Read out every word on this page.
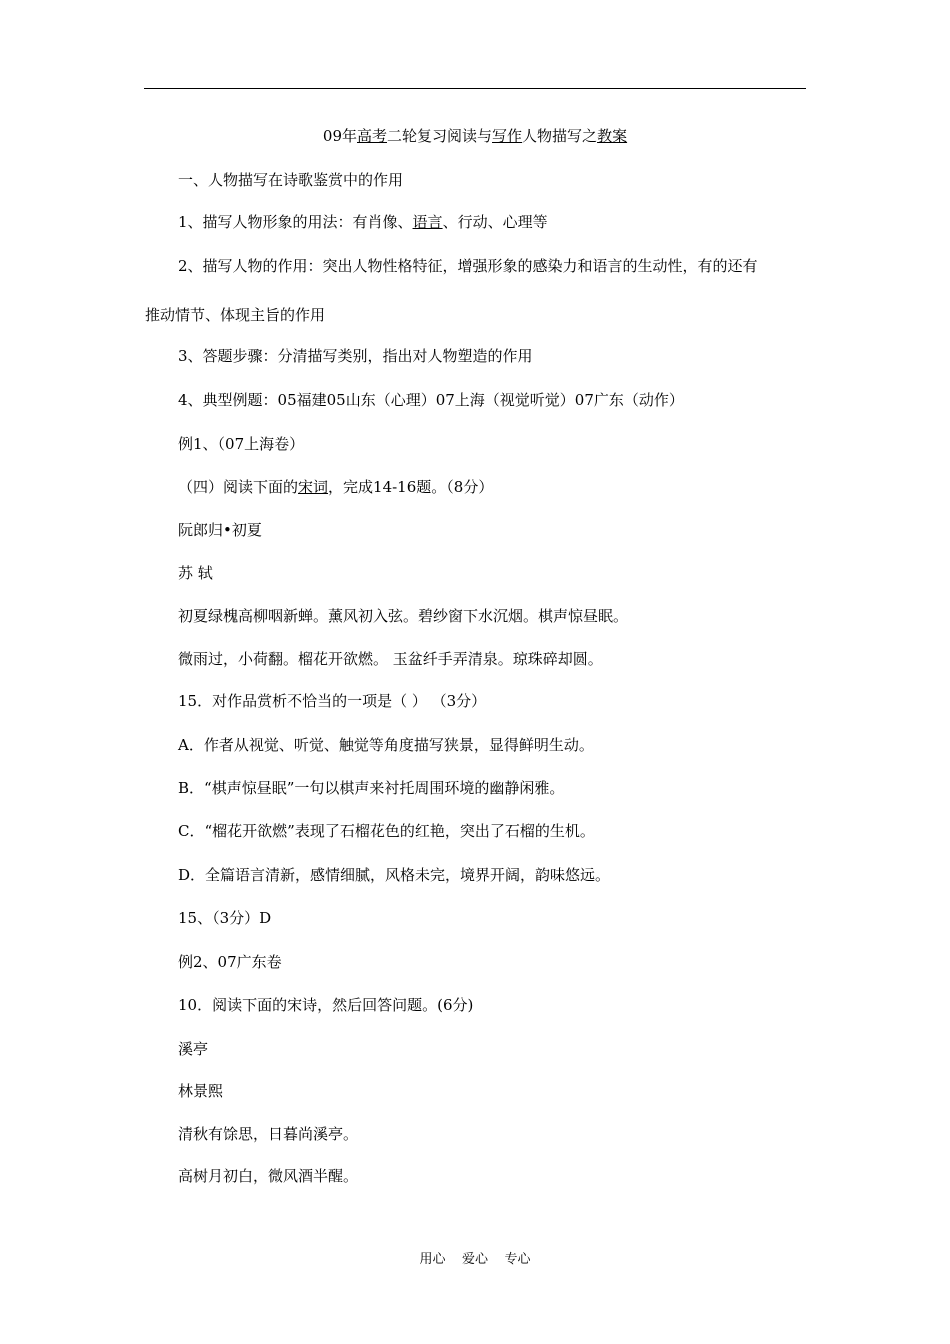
09年高考二轮复习阅读与写作人物描写之教案
一、人物描写在诗歌鉴赏中的作用
1、描写人物形象的用法：有肖像、语言、行动、心理等
2、描写人物的作用：突出人物性格特征，增强形象的感染力和语言的生动性，有的还有
推动情节、体现主旨的作用
3、答题步骤：分清描写类别，指出对人物塑造的作用
4、典型例题：05福建05山东（心理）07上海（视觉听觉）07广东（动作）
例1、（07上海卷）
（四）阅读下面的宋词，完成14-16题。（8分）
阮郎归•初夏
苏 轼
初夏绿槐高柳咽新蝉。薰风初入弦。碧纱窗下水沉烟。棋声惊昼眠。
微雨过，小荷翻。榴花开欲燃。 玉盆纤手弄清泉。琼珠碎却圆。
15．对作品赏析不恰当的一项是（ ） （3分）
A．作者从视觉、听觉、触觉等角度描写狭景，显得鲜明生动。
B．“棋声惊昼眠”一句以棋声来衬托周围环境的幽静闲雅。
C．“榴花开欲燃”表现了石榴花色的红艳，突出了石榴的生机。
D．全篇语言清新，感情细腻，风格未完，境界开阔，韵味悠远。
15、（3分）D
例2、07广东卷
10．阅读下面的宋诗，然后回答问题。(6分)
溪亭
林景熙
清秋有馀思，日暮尚溪亭。
高树月初白，微风酒半醒。
用心    爱心    专心
